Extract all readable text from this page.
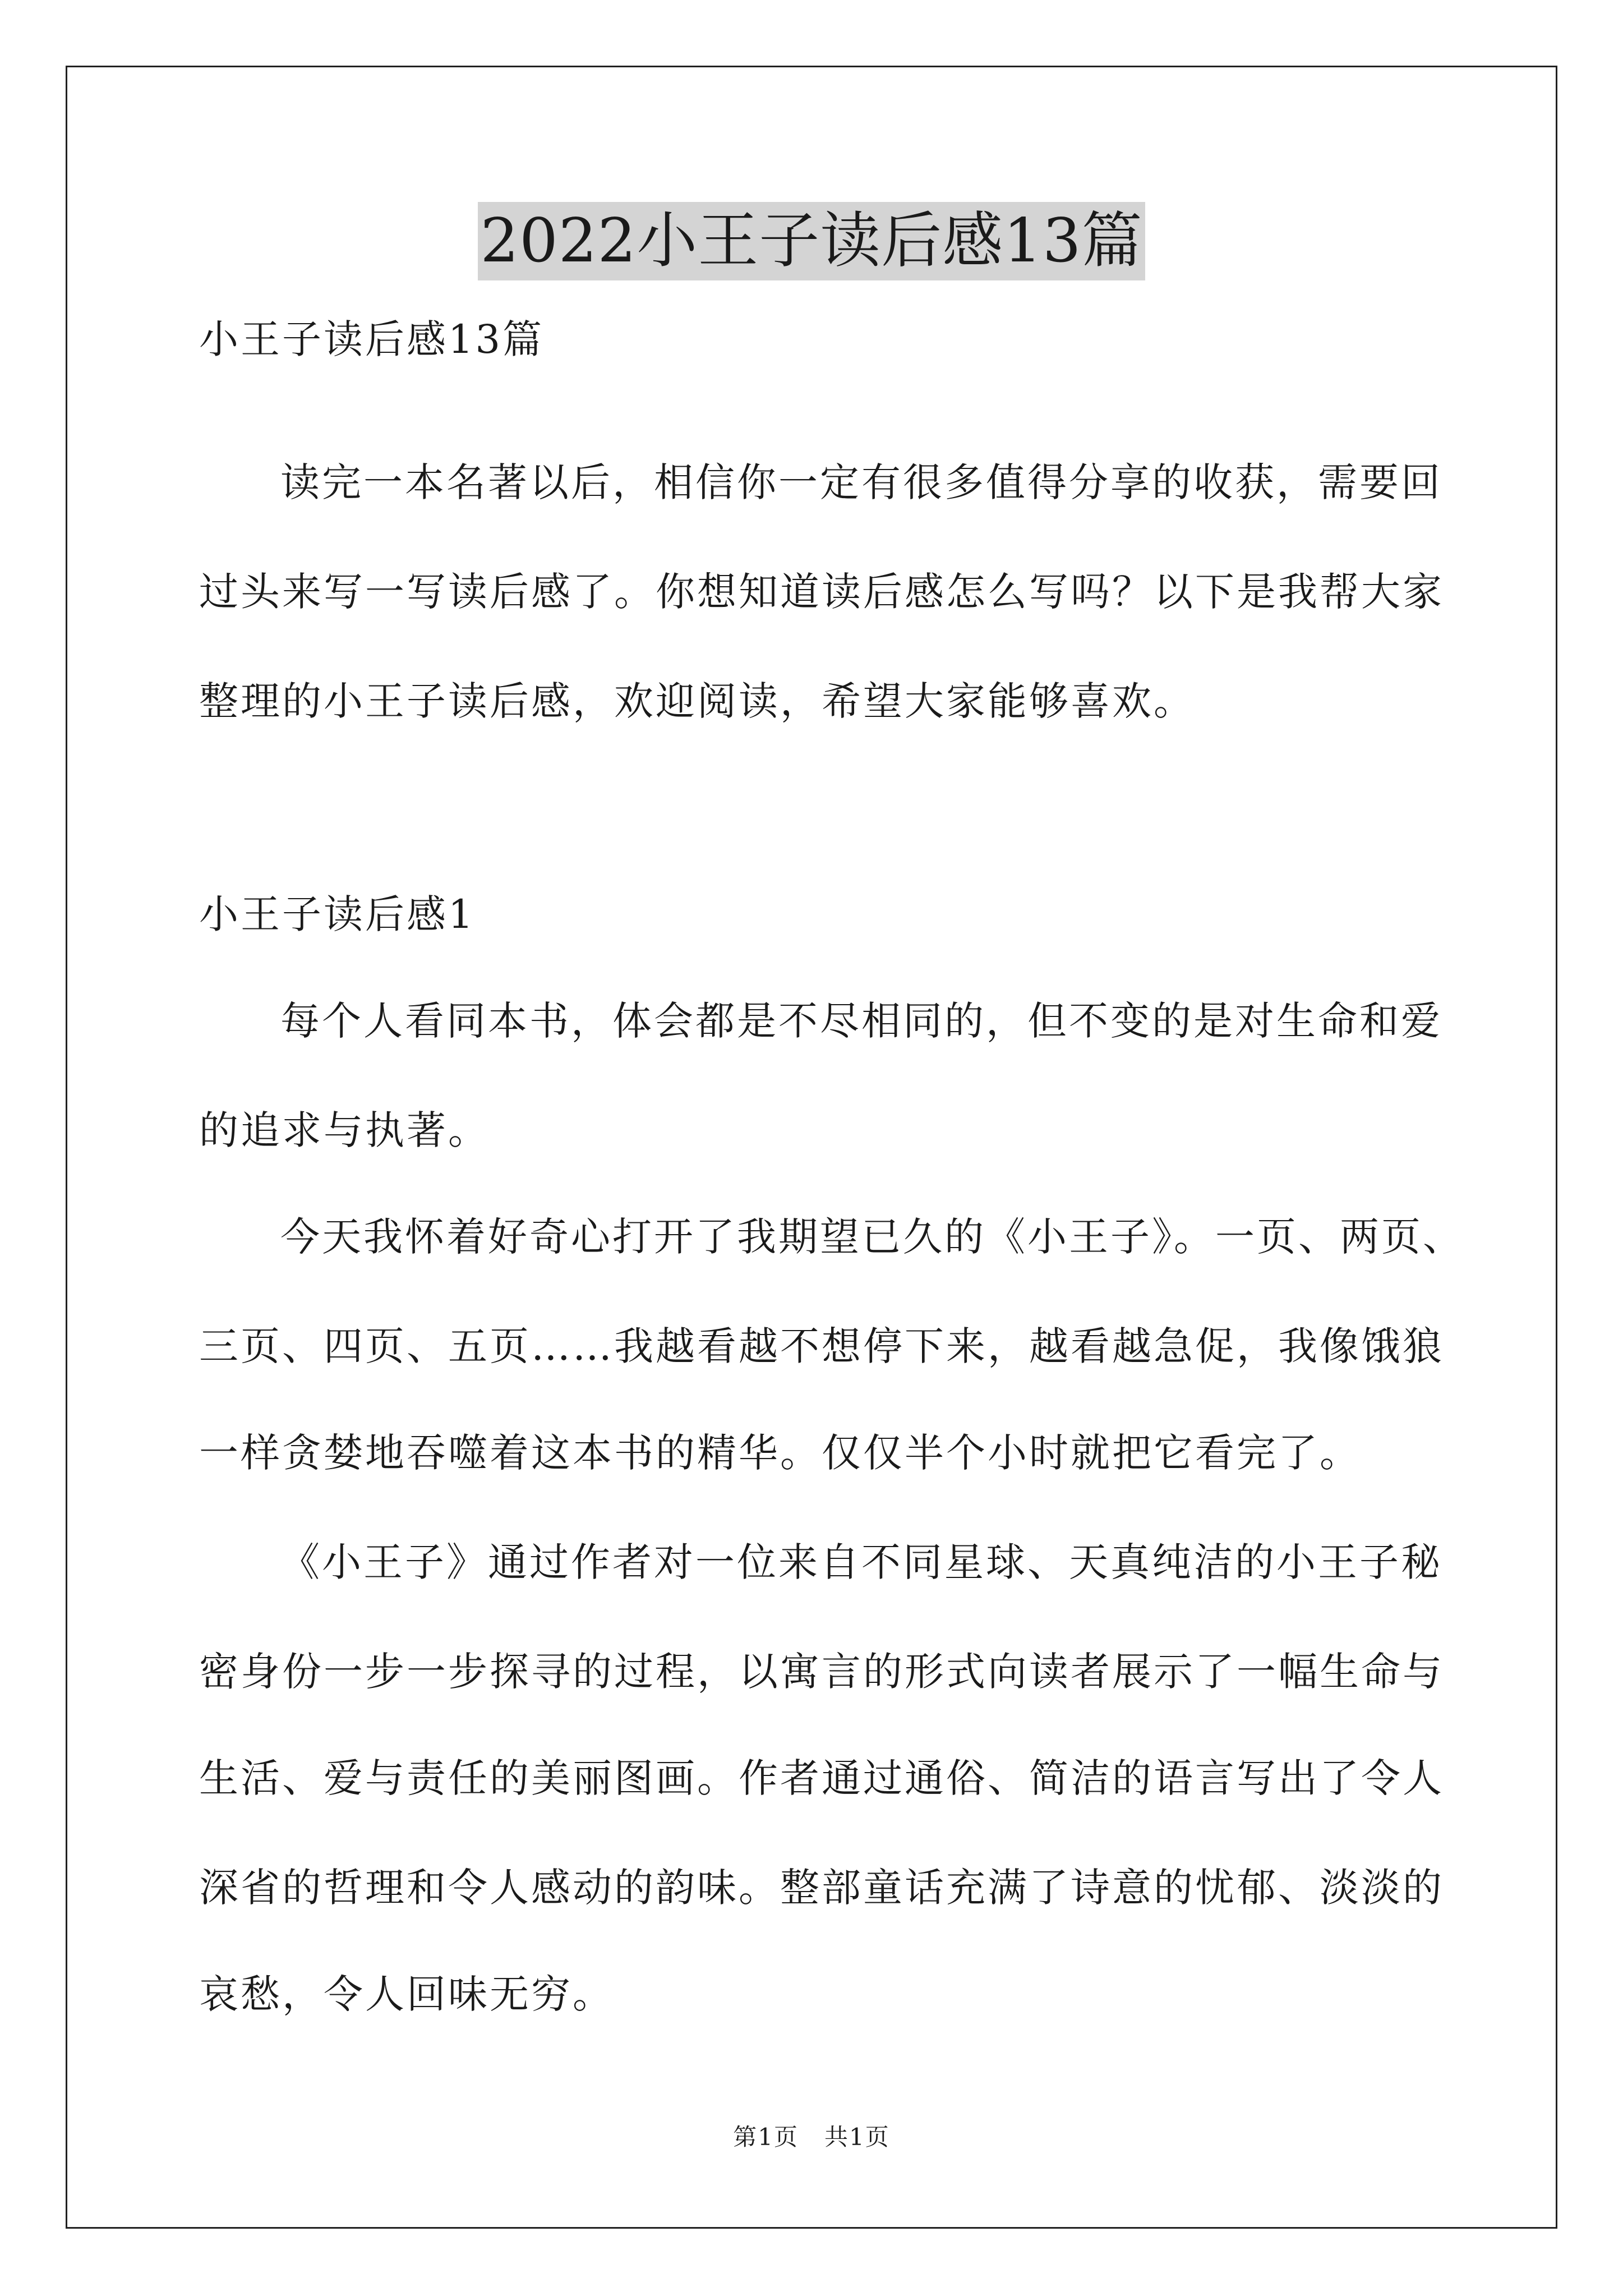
2022小王子读后感13篇
小王子读后感13篇
读完一本名著以后，相信你一定有很多值得分享的收获，需要回
过头来写一写读后感了。你想知道读后感怎么写吗？以下是我帮大家
整理的小王子读后感，欢迎阅读，希望大家能够喜欢。
小王子读后感1
每个人看同本书，体会都是不尽相同的，但不变的是对生命和爱
的追求与执著。
今天我怀着好奇心打开了我期望已久的《小王子》。一页、两页、
三页、四页、五页……我越看越不想停下来，越看越急促，我像饿狼
一样贪婪地吞噬着这本书的精华。仅仅半个小时就把它看完了。
《小王子》通过作者对一位来自不同星球、天真纯洁的小王子秘
密身份一步一步探寻的过程，以寓言的形式向读者展示了一幅生命与
生活、爱与责任的美丽图画。作者通过通俗、简洁的语言写出了令人
深省的哲理和令人感动的韵味。整部童话充满了诗意的忧郁、淡淡的
哀愁，令人回味无穷。
第1页   共1页
